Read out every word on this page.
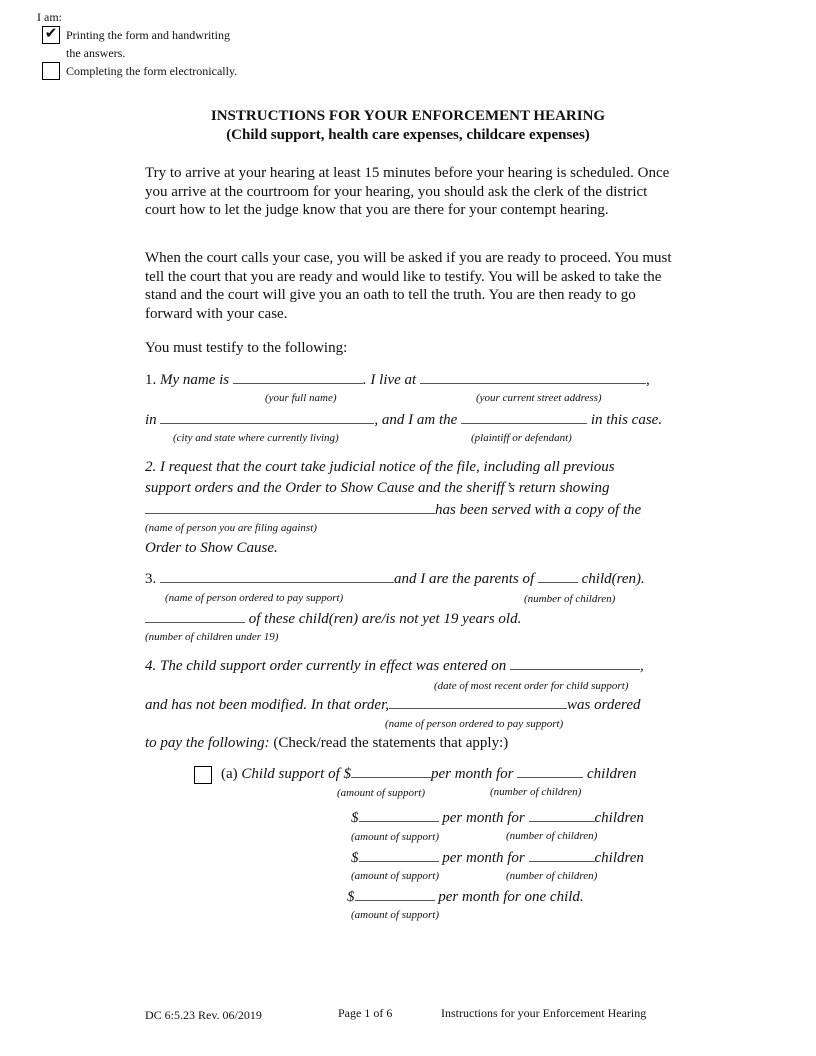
I am:
✔ Printing the form and handwriting
the answers.
Completing the form electronically.
INSTRUCTIONS FOR YOUR ENFORCEMENT HEARING
(Child support, health care expenses, childcare expenses)
Try to arrive at your hearing at least 15 minutes before your hearing is scheduled. Once you arrive at the courtroom for your hearing, you should ask the clerk of the district court how to let the judge know that you are there for your contempt hearing.
When the court calls your case, you will be asked if you are ready to proceed. You must tell the court that you are ready and would like to testify. You will be asked to take the stand and the court will give you an oath to tell the truth. You are then ready to go forward with your case.
You must testify to the following:
1. My name is	. I live at	,
(your full name)	(your current street address)
in	, and I am the	in this case.
(city and state where currently living)	(plaintiff or defendant)
2. I request that the court take judicial notice of the file, including all previous
support orders and the Order to Show Cause and the sheriff’s return showing
has been served with a copy of the
(name of person you are filing against)
Order to Show Cause.
3.	and I are the parents of	child(ren).
(name of person ordered to pay support)	(number of children)
of these child(ren) are/is not yet 19 years old.
(number of children under 19)
4. The child support order currently in effect was entered on	,
(date of most recent order for child support)
and has not been modified. In that order,	was ordered
(name of person ordered to pay support)
to pay the following: (Check/read the statements that apply:)
(a) Child support of $	per month for	children
(amount of support)	(number of children)
$	per month for	children
(amount of support)	(number of children)
$	per month for	children
(amount of support)	(number of children)
$	per month for one child.
(amount of support)
DC 6:5.23 Rev. 06/2019	Page 1 of 6	Instructions for your Enforcement Hearing
